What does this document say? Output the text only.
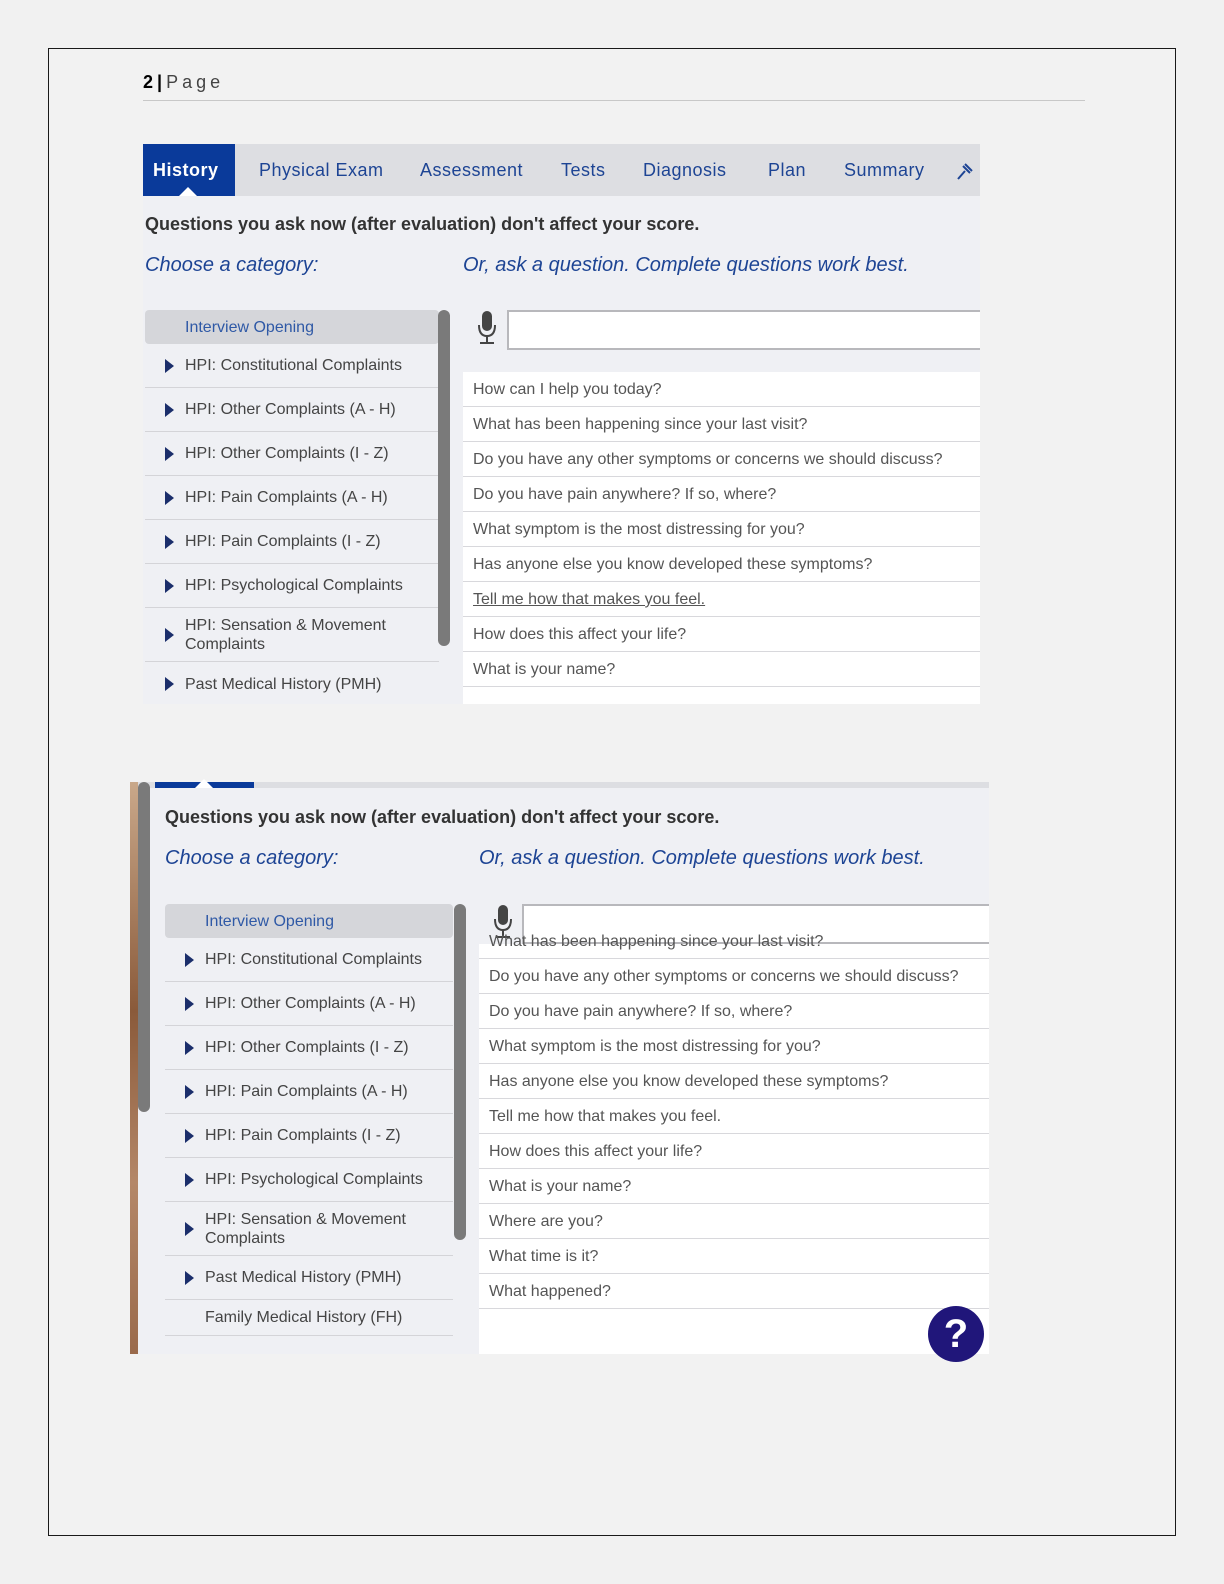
2 | Page
History	Physical Exam Assessment Tests Diagnosis Plan Summary
Questions you ask now (after evaluation) don't affect your score.
Choose a category:	Or, ask a question. Complete questions work best.
Interview Opening
HPI: Constitutional Complaints
HPI: Other Complaints (A - H)
HPI: Other Complaints (I - Z)
HPI: Pain Complaints (A - H)
HPI: Pain Complaints (I - Z)
HPI: Psychological Complaints
HPI: Sensation & Movement Complaints
Past Medical History (PMH)
How can I help you today?
What has been happening since your last visit?
Do you have any other symptoms or concerns we should discuss?
Do you have pain anywhere? If so, where?
What symptom is the most distressing for you?
Has anyone else you know developed these symptoms?
Tell me how that makes you feel.
How does this affect your life?
What is your name?
Questions you ask now (after evaluation) don't affect your score.
Choose a category:	Or, ask a question. Complete questions work best.
Interview Opening
HPI: Constitutional Complaints
HPI: Other Complaints (A - H)
HPI: Other Complaints (I - Z)
HPI: Pain Complaints (A - H)
HPI: Pain Complaints (I - Z)
HPI: Psychological Complaints
HPI: Sensation & Movement Complaints
Past Medical History (PMH)
Family Medical History (FH)
What has been happening since your last visit?
Do you have any other symptoms or concerns we should discuss?
Do you have pain anywhere? If so, where?
What symptom is the most distressing for you?
Has anyone else you know developed these symptoms?
Tell me how that makes you feel.
How does this affect your life?
What is your name?
Where are you?
What time is it?
What happened?
?
